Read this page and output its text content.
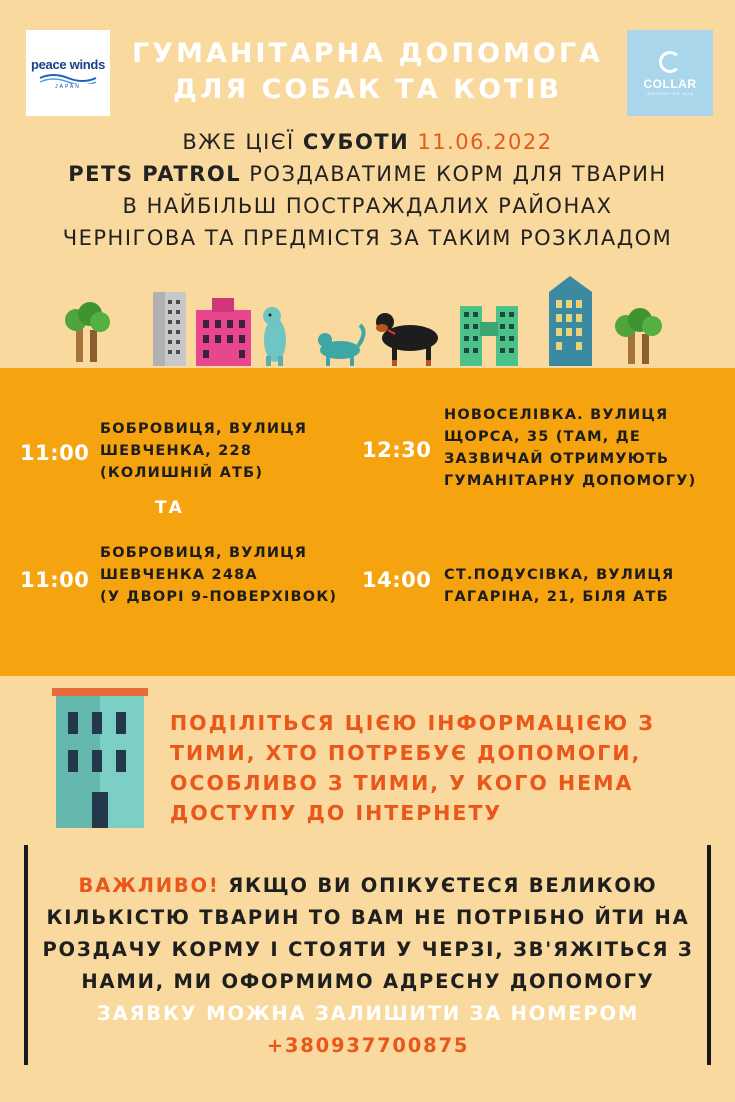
peace winds
JAPAN	COLLAR
INNOVATION HUB
ГУМАНІТАРНА ДОПОМОГА
ДЛЯ СОБАК ТА КОТІВ
ВЖЕ ЦІЄЇ СУБОТИ 11.06.2022
PETS PATROL РОЗДАВАТИМЕ КОРМ ДЛЯ ТВАРИН В НАЙБІЛЬШ ПОСТРАЖДАЛИХ РАЙОНАХ ЧЕРНІГОВА ТА ПРЕДМІСТЯ ЗА ТАКИМ РОЗКЛАДОМ
11:00
БОБРОВИЦЯ, ВУЛИЦЯ
ШЕВЧЕНКА, 228
(КОЛИШНІЙ АТБ)
12:30
НОВОСЕЛІВКА. ВУЛИЦЯ
ЩОРСА, 35 (ТАМ, ДЕ
ЗАЗВИЧАЙ ОТРИМУЮТЬ
ГУМАНІТАРНУ ДОПОМОГУ)
ТА
11:00
БОБРОВИЦЯ, ВУЛИЦЯ
ШЕВЧЕНКА 248А
(У ДВОРІ 9-ПОВЕРХІВОК)
14:00 СТ.ПОДУСІВКА, ВУЛИЦЯ
ГАГАРІНА, 21, БІЛЯ АТБ
ПОДІЛІТЬСЯ ЦІЄЮ ІНФОРМАЦІЄЮ З
ТИМИ, ХТО ПОТРЕБУЄ ДОПОМОГИ,
ОСОБЛИВО З ТИМИ, У КОГО НЕМА
ДОСТУПУ ДО ІНТЕРНЕТУ
ВАЖЛИВО! ЯКЩО ВИ ОПІКУЄТЕСЯ ВЕЛИКОЮ КІЛЬКІСТЮ ТВАРИН ТО ВАМ НЕ ПОТРІБНО ЙТИ НА РОЗДАЧУ КОРМУ І СТОЯТИ У ЧЕРЗІ, ЗВ'ЯЖІТЬСЯ З НАМИ, МИ ОФОРМИМО АДРЕСНУ ДОПОМОГУ
ЗАЯВКУ МОЖНА ЗАЛИШИТИ ЗА НОМЕРОМ
+380937700875
